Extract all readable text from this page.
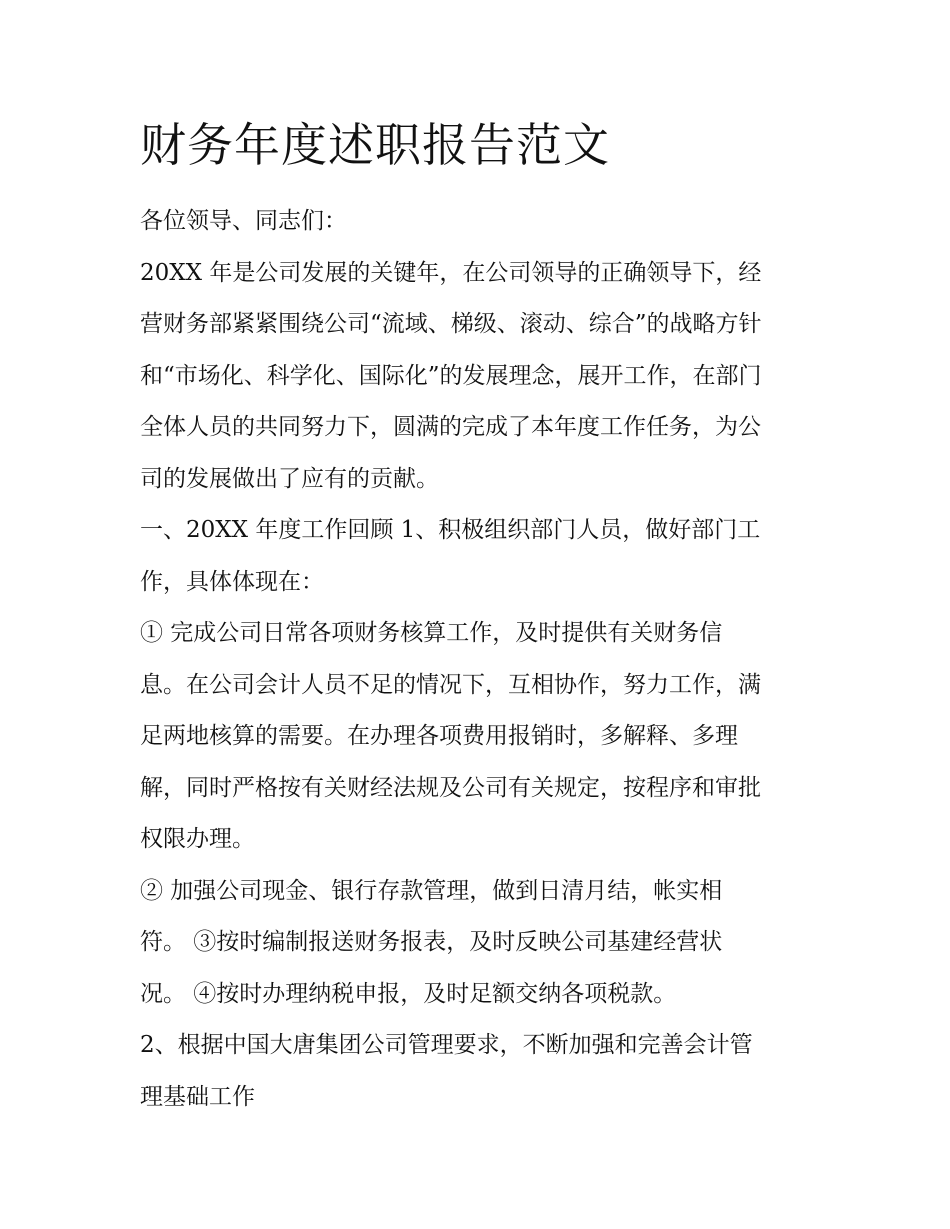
财务年度述职报告范文
各位领导、同志们：
20XX 年是公司发展的关键年，在公司领导的正确领导下，经
营财务部紧紧围绕公司“流域、梯级、滚动、综合”的战略方针
和“市场化、科学化、国际化”的发展理念，展开工作，在部门
全体人员的共同努力下，圆满的完成了本年度工作任务，为公
司的发展做出了应有的贡献。
一、20XX 年度工作回顾 1、积极组织部门人员，做好部门工
作，具体体现在：
① 完成公司日常各项财务核算工作，及时提供有关财务信
息。在公司会计人员不足的情况下，互相协作，努力工作，满
足两地核算的需要。在办理各项费用报销时，多解释、多理
解，同时严格按有关财经法规及公司有关规定，按程序和审批
权限办理。
② 加强公司现金、银行存款管理，做到日清月结，帐实相
符。 ③按时编制报送财务报表，及时反映公司基建经营状
况。 ④按时办理纳税申报，及时足额交纳各项税款。
2、根据中国大唐集团公司管理要求，不断加强和完善会计管
理基础工作
